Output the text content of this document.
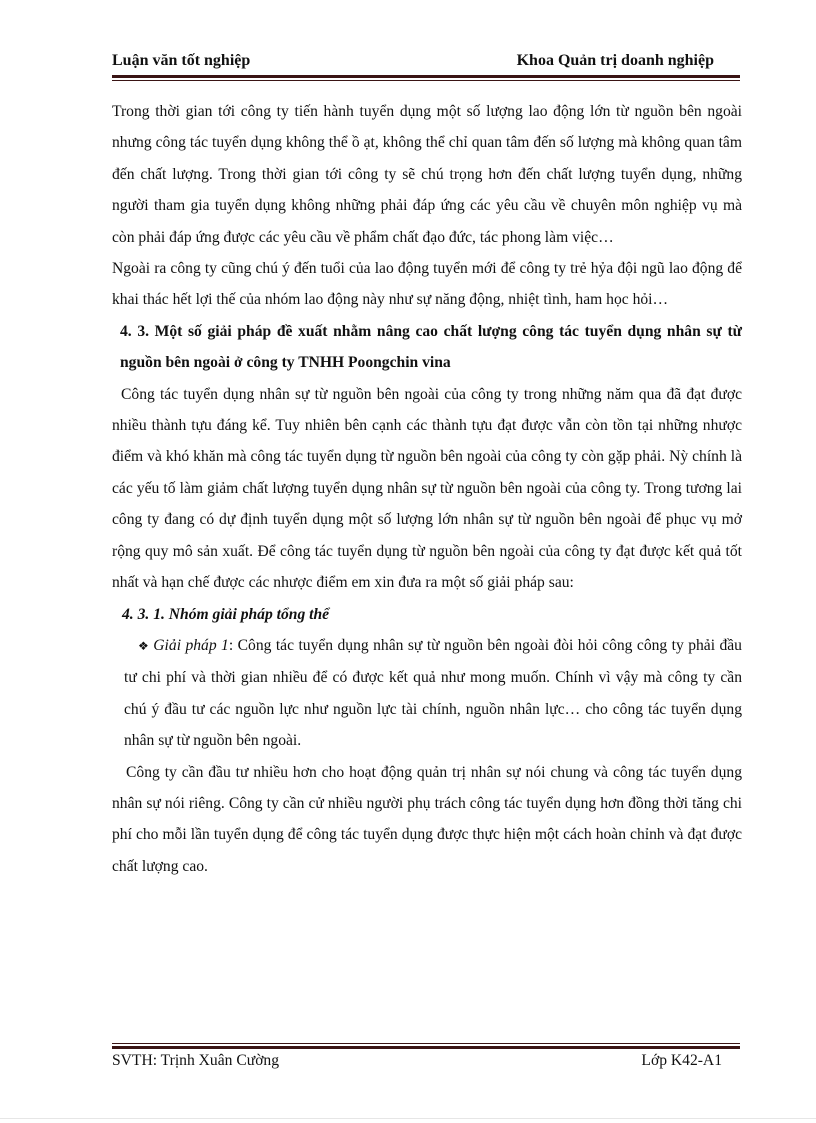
Luận văn tốt nghiệp	Khoa Quản trị doanh nghiệp

Trong thời gian tới công ty tiến hành tuyển dụng một số lượng lao động lớn từ nguồn bên ngoài nhưng công tác tuyển dụng không thể ồ ạt, không thể chỉ quan tâm đến số lượng mà không quan tâm đến chất lượng. Trong thời gian tới công ty sẽ chú trọng hơn đến chất lượng tuyển dụng, những người tham gia tuyển dụng không những phải đáp ứng các yêu cầu về chuyên môn nghiệp vụ mà còn phải đáp ứng được các yêu cầu về phẩm chất đạo đức, tác phong làm việc…

Ngoài ra công ty cũng chú ý đến tuổi của lao động tuyển mới để công ty trẻ hỷa đội ngũ lao động để khai thác hết lợi thế của nhóm lao động này như sự năng động, nhiệt tình, ham học hỏi…

4. 3. Một số giải pháp đề xuất nhằm nâng cao chất lượng công tác tuyển dụng nhân sự từ nguồn bên ngoài ở công ty TNHH Poongchin vina

Công tác tuyển dụng nhân sự từ nguồn bên ngoài của công ty trong những năm qua đã đạt được nhiều thành tựu đáng kể. Tuy nhiên bên cạnh các thành tựu đạt được vẫn còn tồn tại những nhược điểm và khó khăn mà công tác tuyển dụng từ nguồn bên ngoài của công ty còn gặp phải. Nỳ chính là các yếu tố làm giảm chất lượng tuyển dụng nhân sự từ nguồn bên ngoài của công ty. Trong tương lai công ty đang có dự định tuyển dụng một số lượng lớn nhân sự từ nguồn bên ngoài để phục vụ mở rộng quy mô sản xuất. Để công tác tuyển dụng từ nguồn bên ngoài của công ty đạt được kết quả tốt nhất và hạn chế được các nhược điểm em xin đưa ra một số giải pháp sau:

4. 3. 1. Nhóm giải pháp tổng thể

❖ Giải pháp 1: Công tác tuyển dụng nhân sự từ nguồn bên ngoài đòi hỏi công công ty phải đầu tư chi phí và thời gian nhiều để có được kết quả như mong muốn. Chính vì vậy mà công ty cần chú ý đầu tư các nguồn lực như nguồn lực tài chính, nguồn nhân lực… cho công tác tuyển dụng nhân sự từ nguồn bên ngoài.

Công ty cần đầu tư nhiều hơn cho hoạt động quản trị nhân sự nói chung và công tác tuyển dụng nhân sự nói riêng. Công ty cần cử nhiều người phụ trách công tác tuyển dụng hơn đồng thời tăng chi phí cho mỗi lần tuyển dụng để công tác tuyển dụng được thực hiện một cách hoàn chỉnh và đạt được chất lượng cao.

SVTH: Trịnh Xuân Cường	Lớp K42-A1
